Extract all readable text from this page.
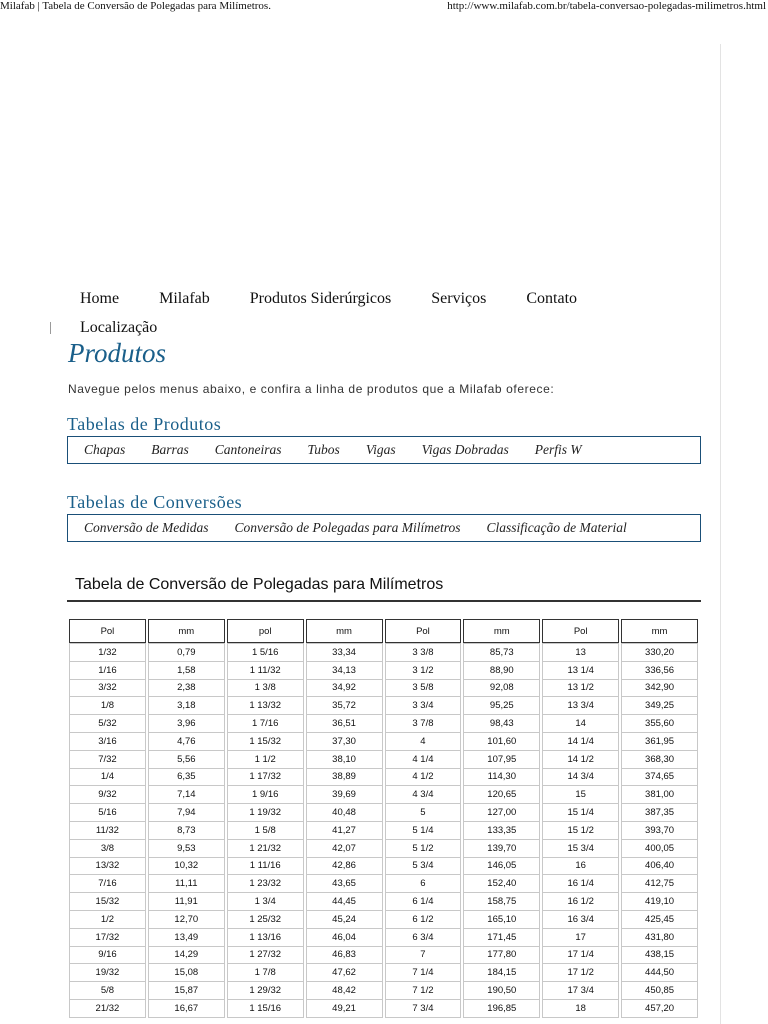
Milafab | Tabela de Conversão de Polegadas para Milímetros.	http://www.milafab.com.br/tabela-conversao-polegadas-milimetros.html
Home	Milafab	Produtos Siderúrgicos	Serviços	Contato
Localização
Produtos
Navegue pelos menus abaixo, e confira a linha de produtos que a Milafab oferece:
Tabelas de Produtos
Chapas Barras Cantoneiras Tubos Vigas Vigas Dobradas Perfis W
Tabelas de Conversões
Conversão de Medidas Conversão de Polegadas para Milímetros Classificação de Material
Tabela de Conversão de Polegadas para Milímetros
Pol	mm	pol	mm	Pol	mm	Pol	mm
1/32	0,79	1 5/16	33,34	3 3/8	85,73	13	330,20
1/16	1,58	1 11/32	34,13	3 1/2	88,90	13 1/4	336,56
3/32	2,38	1 3/8	34,92	3 5/8	92,08	13 1/2	342,90
1/8	3,18	1 13/32	35,72	3 3/4	95,25	13 3/4	349,25
5/32	3,96	1 7/16	36,51	3 7/8	98,43	14	355,60
3/16	4,76	1 15/32	37,30	4	101,60	14 1/4	361,95
7/32	5,56	1 1/2	38,10	4 1/4	107,95	14 1/2	368,30
1/4	6,35	1 17/32	38,89	4 1/2	114,30	14 3/4	374,65
9/32	7,14	1 9/16	39,69	4 3/4	120,65	15	381,00
5/16	7,94	1 19/32	40,48	5	127,00	15 1/4	387,35
11/32	8,73	1 5/8	41,27	5 1/4	133,35	15 1/2	393,70
3/8	9,53	1 21/32	42,07	5 1/2	139,70	15 3/4	400,05
13/32	10,32	1 11/16	42,86	5 3/4	146,05	16	406,40
7/16	11,11	1 23/32	43,65	6	152,40	16 1/4	412,75
15/32	11,91	1 3/4	44,45	6 1/4	158,75	16 1/2	419,10
1/2	12,70	1 25/32	45,24	6 1/2	165,10	16 3/4	425,45
17/32	13,49	1 13/16	46,04	6 3/4	171,45	17	431,80
9/16	14,29	1 27/32	46,83	7	177,80	17 1/4	438,15
19/32	15,08	1 7/8	47,62	7 1/4	184,15	17 1/2	444,50
5/8	15,87	1 29/32	48,42	7 1/2	190,50	17 3/4	450,85
21/32	16,67	1 15/16	49,21	7 3/4	196,85	18	457,20
